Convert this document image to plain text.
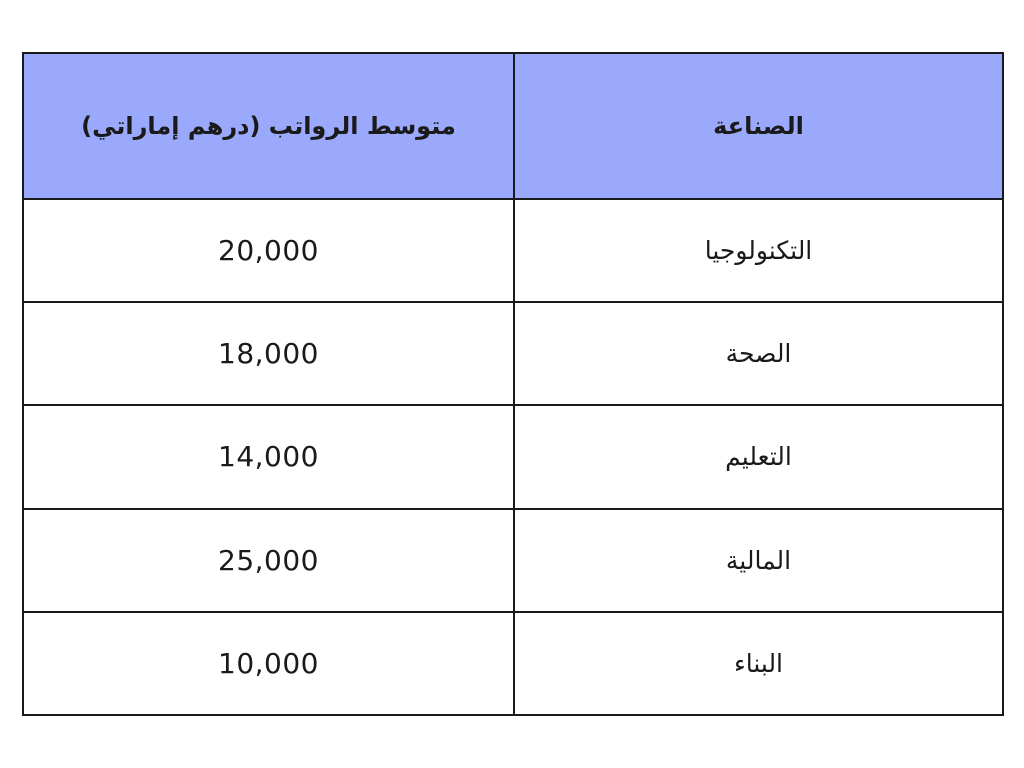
الصناعة	متوسط الرواتب (درهم إماراتي)
التكنولوجيا	20,000
الصحة	18,000
التعليم	14,000
المالية	25,000
البناء	10,000
